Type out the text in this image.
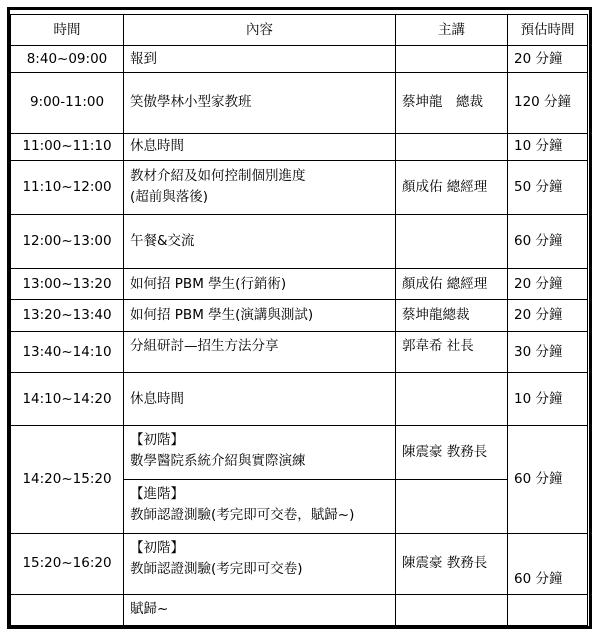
時間	內容	主講	預估時間
8:40~09:00	報到		20 分鐘
9:00-11:00	笑傲學林小型家教班	蔡坤龍　總裁	120 分鐘
11:00~11:10	休息時間		10 分鐘
11:10~12:00	教材介紹及如何控制個別進度
(超前與落後)	顏成佑 總經理	50 分鐘
12:00~13:00	午餐&交流		60 分鐘
13:00~13:20	如何招 PBM 學生(行銷術)	顏成佑 總經理	20 分鐘
13:20~13:40	如何招 PBM 學生(演講與測試)	蔡坤龍總裁	20 分鐘
13:40~14:10	分組研討—招生方法分享	郭韋希 社長	30 分鐘
14:10~14:20	休息時間		10 分鐘
14:20~15:20	【初階】
數學醫院系統介紹與實際演練	陳震豪 教務長	60 分鐘

	【進階】
教師認證測驗(考完即可交卷，賦歸~)		

15:20~16:20	【初階】
教師認證測驗(考完即可交卷)	陳震豪 教務長	60 分鐘
	賦歸~		
